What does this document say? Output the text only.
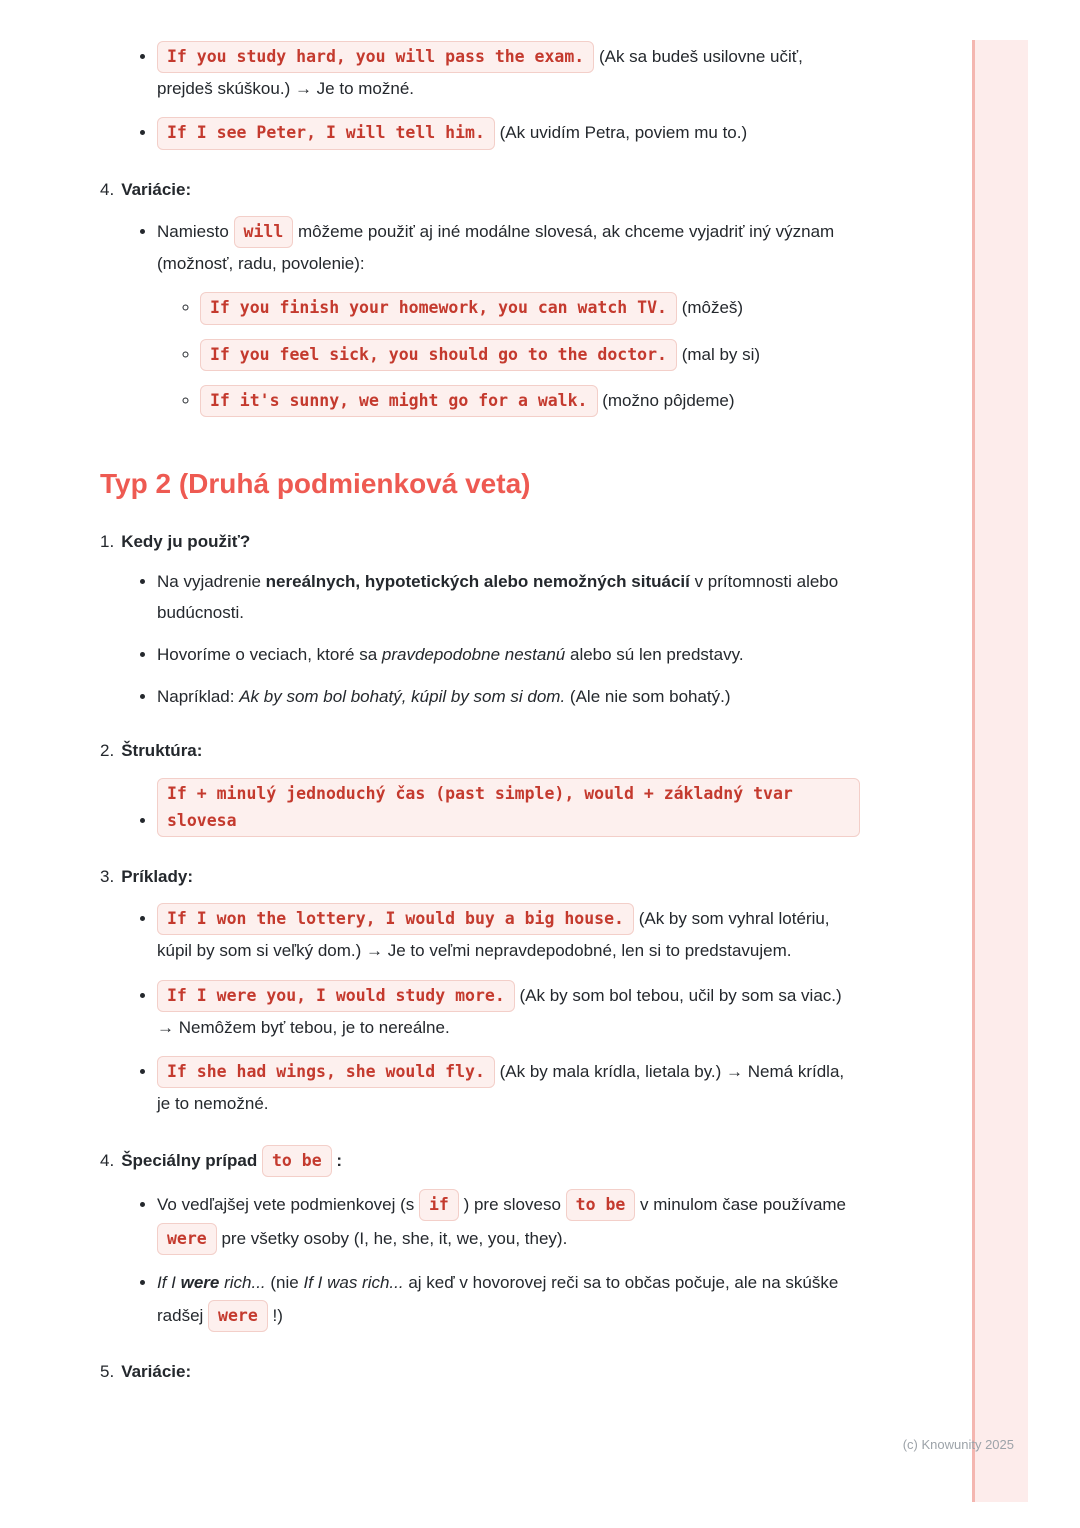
• If you study hard, you will pass the exam. (Ak sa budeš usilovne učiť, prejdeš skúškou.) → Je to možné.
• If I see Peter, I will tell him. (Ak uvidím Petra, poviem mu to.)
4. Variácie:
• Namiesto will môžeme použiť aj iné modálne slovesá, ak chceme vyjadriť iný význam (možnosť, radu, povolenie):
◦ If you finish your homework, you can watch TV. (môžeš)
◦ If you feel sick, you should go to the doctor. (mal by si)
◦ If it's sunny, we might go for a walk. (možno pôjdeme)
Typ 2 (Druhá podmienková veta)
1. Kedy ju použiť?
• Na vyjadrenie nereálnych, hypotetických alebo nemožných situácií v prítomnosti alebo budúcnosti.
• Hovoríme o veciach, ktoré sa pravdepodobne nestanú alebo sú len predstavy.
• Napríklad: Ak by som bol bohatý, kúpil by som si dom. (Ale nie som bohatý.)
2. Štruktúra:
• If + minulý jednoduchý čas (past simple), would + základný tvar slovesa
3. Príklady:
• If I won the lottery, I would buy a big house. (Ak by som vyhral lotériu, kúpil by som si veľký dom.) → Je to veľmi nepravdepodobné, len si to predstavujem.
• If I were you, I would study more. (Ak by som bol tebou, učil by som sa viac.) → Nemôžem byť tebou, je to nereálne.
• If she had wings, she would fly. (Ak by mala krídla, lietala by.) → Nemá krídla, je to nemožné.
4. Špeciálny prípad to be :
• Vo vedľajšej vete podmienkovej (s if ) pre sloveso to be v minulom čase používame were pre všetky osoby (I, he, she, it, we, you, they).
• If I were rich... (nie If I was rich... aj keď v hovorovej reči sa to občas počuje, ale na skúške radšej were !)
5. Variácie:
(c) Knowunity 2025
